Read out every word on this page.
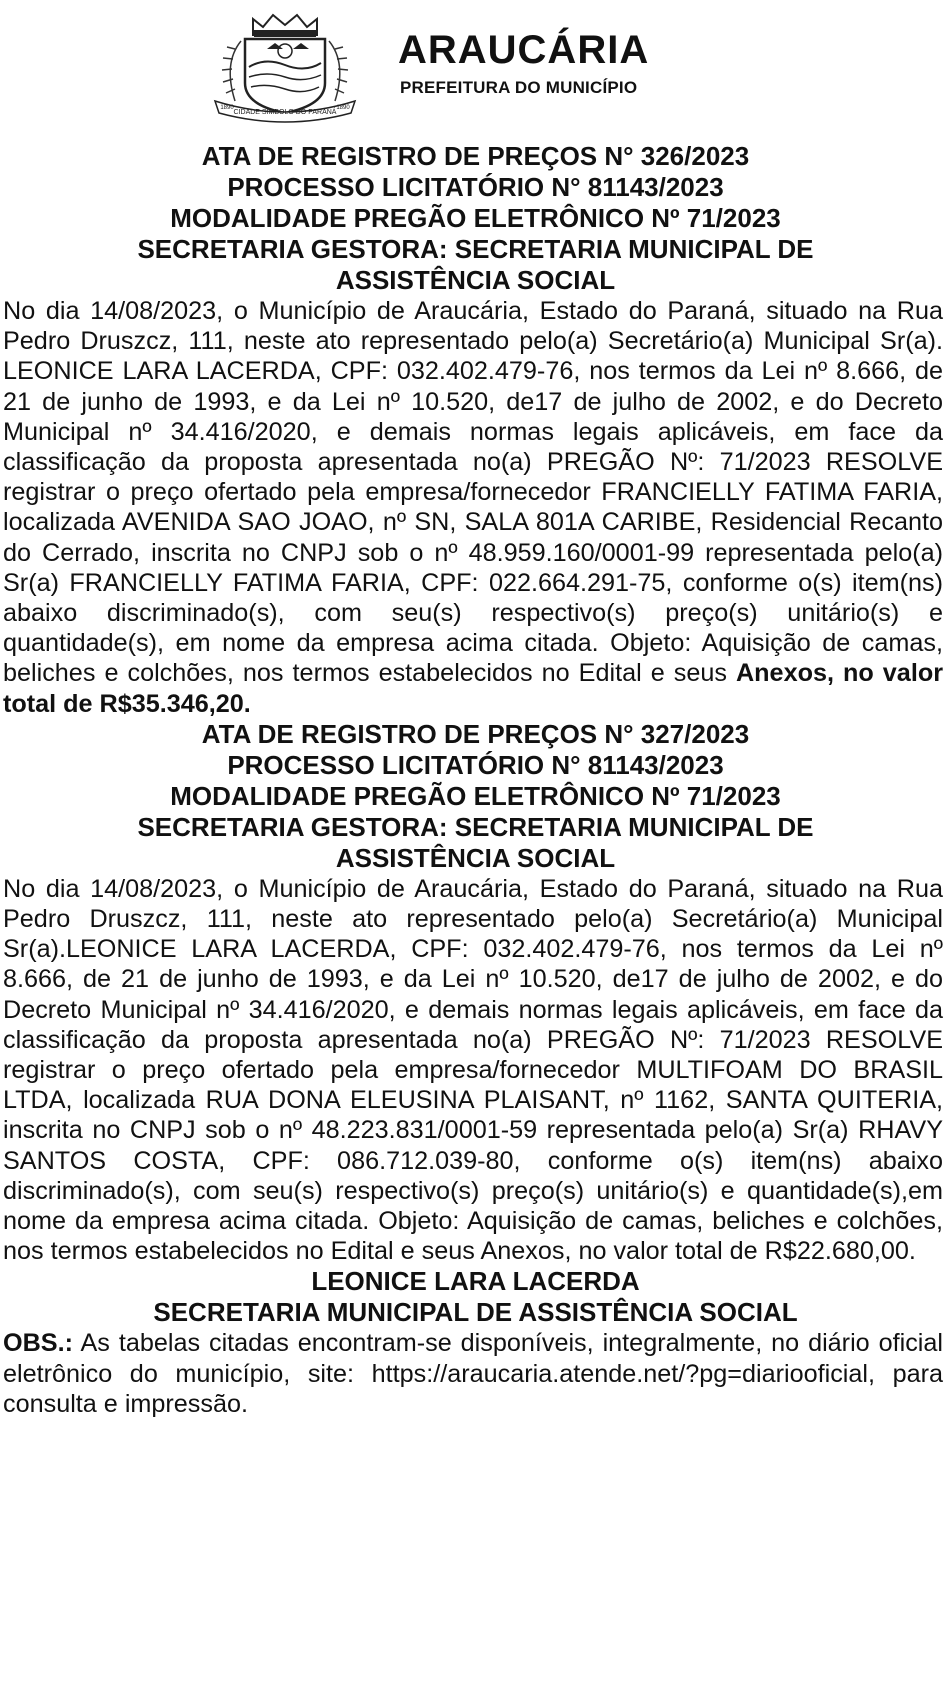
CIDADE SÍMBOLO DO PARANÁ
1890	1890
ARAUCÁRIA
PREFEITURA DO MUNICÍPIO
ATA DE REGISTRO DE PREÇOS N° 326/2023
PROCESSO LICITATÓRIO N° 81143/2023
MODALIDADE PREGÃO ELETRÔNICO Nº 71/2023
SECRETARIA GESTORA: SECRETARIA MUNICIPAL DE
ASSISTÊNCIA SOCIAL

No dia 14/08/2023, o Município de Araucária, Estado do Paraná, situado na Rua Pedro Druszcz, 111, neste ato representado pelo(a) Secretário(a) Municipal Sr(a). LEONICE LARA LACERDA, CPF: 032.402.479-76, nos termos da Lei nº 8.666, de 21 de junho de 1993, e da Lei nº 10.520, de17 de julho de 2002, e do Decreto Municipal nº 34.416/2020, e demais normas legais aplicáveis, em face da classificação da proposta apresentada no(a) PREGÃO Nº: 71/2023 RESOLVE registrar o preço ofertado pela empresa/fornecedor FRANCIELLY FATIMA FARIA, localizada AVENIDA SAO JOAO, nº SN, SALA 801A CARIBE, Residencial Recanto do Cerrado, inscrita no CNPJ sob o nº 48.959.160/0001-99 representada pelo(a) Sr(a) FRANCIELLY FATIMA FARIA, CPF: 022.664.291-75, conforme o(s) item(ns) abaixo discriminado(s), com seu(s) respectivo(s) preço(s) unitário(s) e quantidade(s), em nome da empresa acima citada. Objeto: Aquisição de camas, beliches e colchões, nos termos estabelecidos no Edital e seus Anexos, no valor total de R$35.346,20.

ATA DE REGISTRO DE PREÇOS N° 327/2023
PROCESSO LICITATÓRIO N° 81143/2023
MODALIDADE PREGÃO ELETRÔNICO Nº 71/2023
SECRETARIA GESTORA: SECRETARIA MUNICIPAL DE
ASSISTÊNCIA SOCIAL

No dia 14/08/2023, o Município de Araucária, Estado do Paraná, situado na Rua Pedro Druszcz, 111, neste ato representado pelo(a) Secretário(a) Municipal Sr(a).LEONICE LARA LACERDA, CPF: 032.402.479-76, nos termos da Lei nº 8.666, de 21 de junho de 1993, e da Lei nº 10.520, de17 de julho de 2002, e do Decreto Municipal nº 34.416/2020, e demais normas legais aplicáveis, em face da classificação da proposta apresentada no(a) PREGÃO Nº: 71/2023 RESOLVE registrar o preço ofertado pela empresa/fornecedor MULTIFOAM DO BRASIL LTDA, localizada RUA DONA ELEUSINA PLAISANT, nº 1162, SANTA QUITERIA, inscrita no CNPJ sob o nº 48.223.831/0001-59 representada pelo(a) Sr(a) RHAVY SANTOS COSTA, CPF: 086.712.039-80, conforme o(s) item(ns) abaixo discriminado(s), com seu(s) respectivo(s) preço(s) unitário(s) e quantidade(s),em nome da empresa acima citada. Objeto: Aquisição de camas, beliches e colchões, nos termos estabelecidos no Edital e seus Anexos, no valor total de R$22.680,00.

LEONICE LARA LACERDA
SECRETARIA MUNICIPAL DE ASSISTÊNCIA SOCIAL

OBS.: As tabelas citadas encontram-se disponíveis, integralmente, no diário oficial eletrônico do município, site: https://araucaria.atende.net/?pg=diariooficial, para consulta e impressão.
